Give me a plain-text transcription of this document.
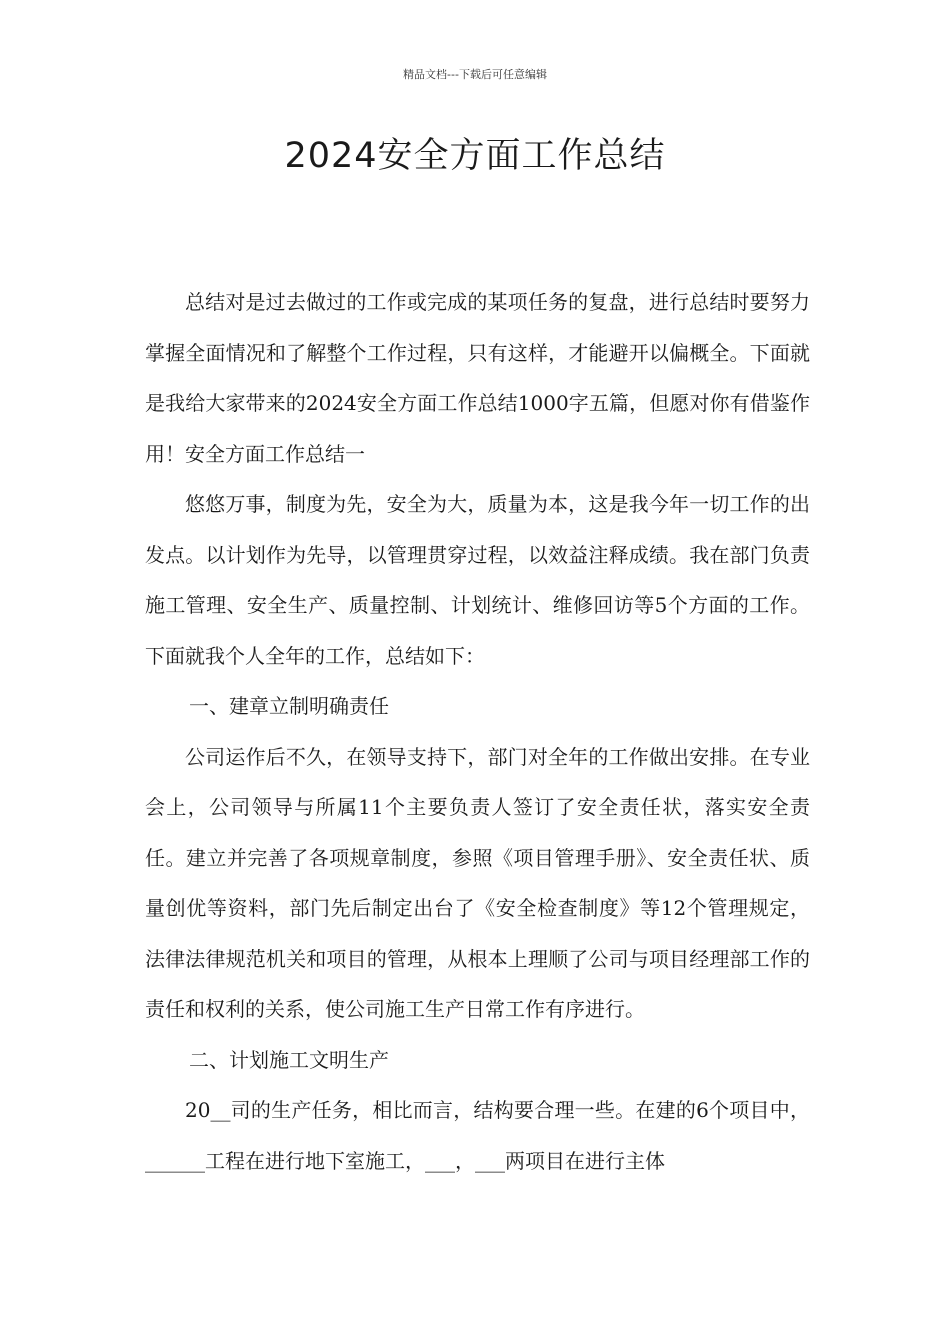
精品文档---下载后可任意编辑
2024安全方面工作总结

总结对是过去做过的工作或完成的某项任务的复盘，进行总结时要努力掌握全面情况和了解整个工作过程，只有这样，才能避开以偏概全。下面就是我给大家带来的2024安全方面工作总结1000字五篇，但愿对你有借鉴作用！安全方面工作总结一

悠悠万事，制度为先，安全为大，质量为本，这是我今年一切工作的出发点。以计划作为先导，以管理贯穿过程，以效益注释成绩。我在部门负责施工管理、安全生产、质量控制、计划统计、维修回访等5个方面的工作。下面就我个人全年的工作，总结如下：

一、建章立制明确责任

公司运作后不久，在领导支持下，部门对全年的工作做出安排。在专业会上，公司领导与所属11个主要负责人签订了安全责任状，落实安全责任。建立并完善了各项规章制度，参照《项目管理手册》、安全责任状、质量创优等资料，部门先后制定出台了《安全检查制度》等12个管理规定，法律法律规范机关和项目的管理，从根本上理顺了公司与项目经理部工作的责任和权利的关系，使公司施工生产日常工作有序进行。

二、计划施工文明生产

20__司的生产任务，相比而言，结构要合理一些。在建的6个项目中，______工程在进行地下室施工，___，___两项目在进行主体
